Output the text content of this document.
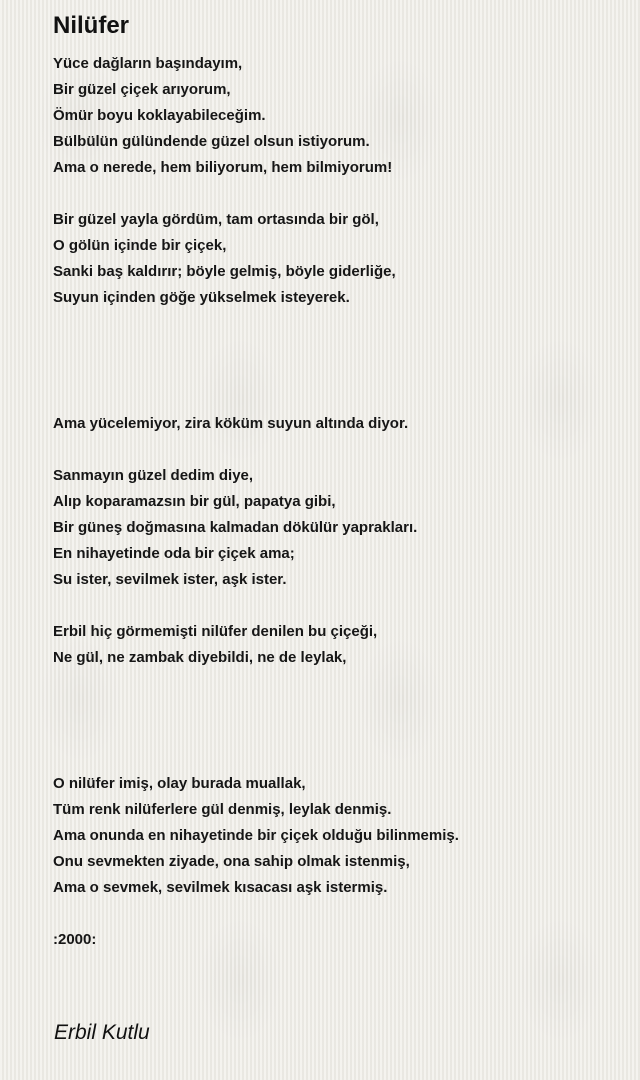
Nilüfer
Yüce dağların başındayım,
Bir güzel çiçek arıyorum,
Ömür boyu koklayabileceğim.
Bülbülün gülündende güzel olsun istiyorum.
Ama o nerede, hem biliyorum, hem bilmiyorum!
Bir güzel yayla gördüm, tam ortasında bir göl,
O gölün içinde bir çiçek,
Sanki baş kaldırır; böyle gelmiş, böyle giderliğe,
Suyun içinden göğe yükselmek isteyerek.
Ama yücelemiyor, zira köküm suyun altında diyor.
Sanmayın güzel dedim diye,
Alıp koparamazsın bir gül, papatya gibi,
Bir güneş doğmasına kalmadan dökülür yaprakları.
En nihayetinde oda bir çiçek ama;
Su ister, sevilmek ister, aşk ister.
Erbil hiç görmemişti nilüfer denilen bu çiçeği,
Ne gül, ne zambak diyebildi, ne de leylak,
O nilüfer imiş, olay burada muallak,
Tüm renk nilüferlere gül denmiş, leylak denmiş.
Ama onunda en nihayetinde bir çiçek olduğu bilinmemiş.
Onu sevmekten ziyade, ona sahip olmak istenmiş,
Ama o sevmek, sevilmek kısacası aşk istermiş.
:2000:
Erbil Kutlu
